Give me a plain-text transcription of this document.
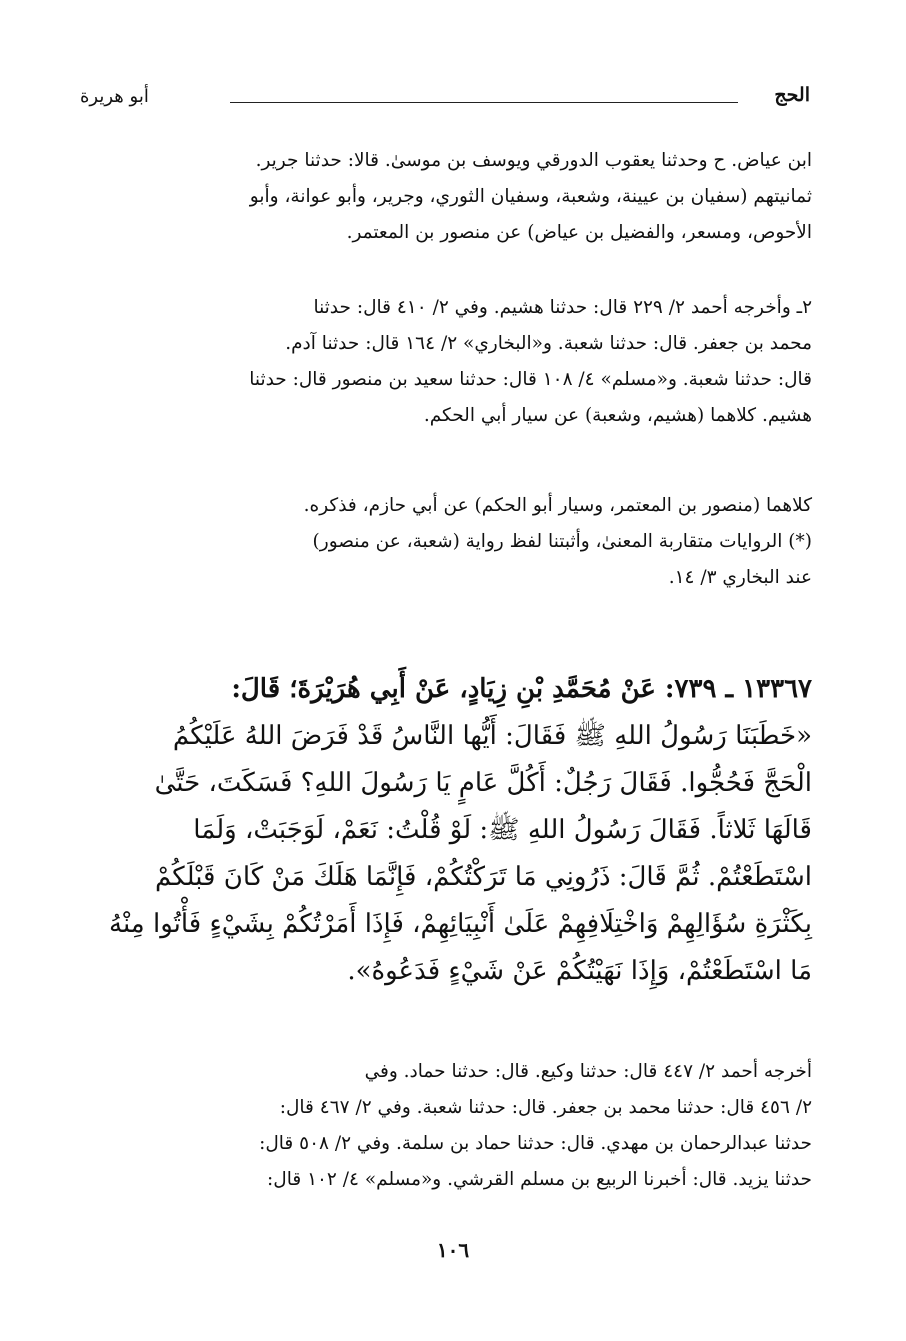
الحج
أبو هريرة

ابن عياض. ح وحدثنا يعقوب الدورقي ويوسف بن موسىٰ. قالا: حدثنا جرير.

ثمانيتهم (سفيان بن عيينة، وشعبة، وسفيان الثوري، وجرير، وأبو عوانة، وأبو

الأحوص، ومسعر، والفضيل بن عياض) عن منصور بن المعتمر.

٢ـ وأخرجه أحمد ٢/ ٢٢٩ قال: حدثنا هشيم. وفي ٢/ ٤١٠ قال: حدثنا

محمد بن جعفر. قال: حدثنا شعبة. و«البخاري» ٢/ ١٦٤ قال: حدثنا آدم.

قال: حدثنا شعبة. و«مسلم» ٤/ ١٠٨ قال: حدثنا سعيد بن منصور قال: حدثنا

هشيم. كلاهما (هشيم، وشعبة) عن سيار أبي الحكم.

كلاهما (منصور بن المعتمر، وسيار أبو الحكم) عن أبي حازم، فذكره.

(*) الروايات متقاربة المعنىٰ، وأثبتنا لفظ رواية (شعبة، عن منصور)

عند البخاري ٣/ ١٤.

١٣٣٦٧ ـ ٧٣٩: عَنْ مُحَمَّدِ بْنِ زِيَادٍ، عَنْ أَبِي هُرَيْرَةَ؛ قَالَ:

«خَطَبَنَا رَسُولُ اللهِ ﷺ فَقَالَ: أَيُّها النَّاسُ قَدْ فَرَضَ اللهُ عَلَيْكُمُ

الْحَجَّ فَحُجُّوا. فَقَالَ رَجُلٌ: أَكُلَّ عَامٍ يَا رَسُولَ اللهِ؟ فَسَكَتَ، حَتَّىٰ

قَالَهَا ثَلاثاً. فَقَالَ رَسُولُ اللهِ ﷺ: لَوْ قُلْتُ: نَعَمْ، لَوَجَبَتْ، وَلَمَا

اسْتَطَعْتُمْ. ثُمَّ قَالَ: ذَرُونِي مَا تَرَكْتُكُمْ، فَإِنَّمَا هَلَكَ مَنْ كَانَ قَبْلَكُمْ

بِكَثْرَةِ سُؤَالِهِمْ وَاخْتِلَافِهِمْ عَلَىٰ أَنْبِيَائِهِمْ، فَإِذَا أَمَرْتُكُمْ بِشَيْءٍ فَأْتُوا مِنْهُ

مَا اسْتَطَعْتُمْ، وَإِذَا نَهَيْتُكُمْ عَنْ شَيْءٍ فَدَعُوهُ».

أخرجه أحمد ٢/ ٤٤٧ قال: حدثنا وكيع. قال: حدثنا حماد. وفي

٢/ ٤٥٦ قال: حدثنا محمد بن جعفر. قال: حدثنا شعبة. وفي ٢/ ٤٦٧ قال:

حدثنا عبدالرحمان بن مهدي. قال: حدثنا حماد بن سلمة. وفي ٢/ ٥٠٨ قال:

حدثنا يزيد. قال: أخبرنا الربيع بن مسلم القرشي. و«مسلم» ٤/ ١٠٢ قال:

١٠٦
